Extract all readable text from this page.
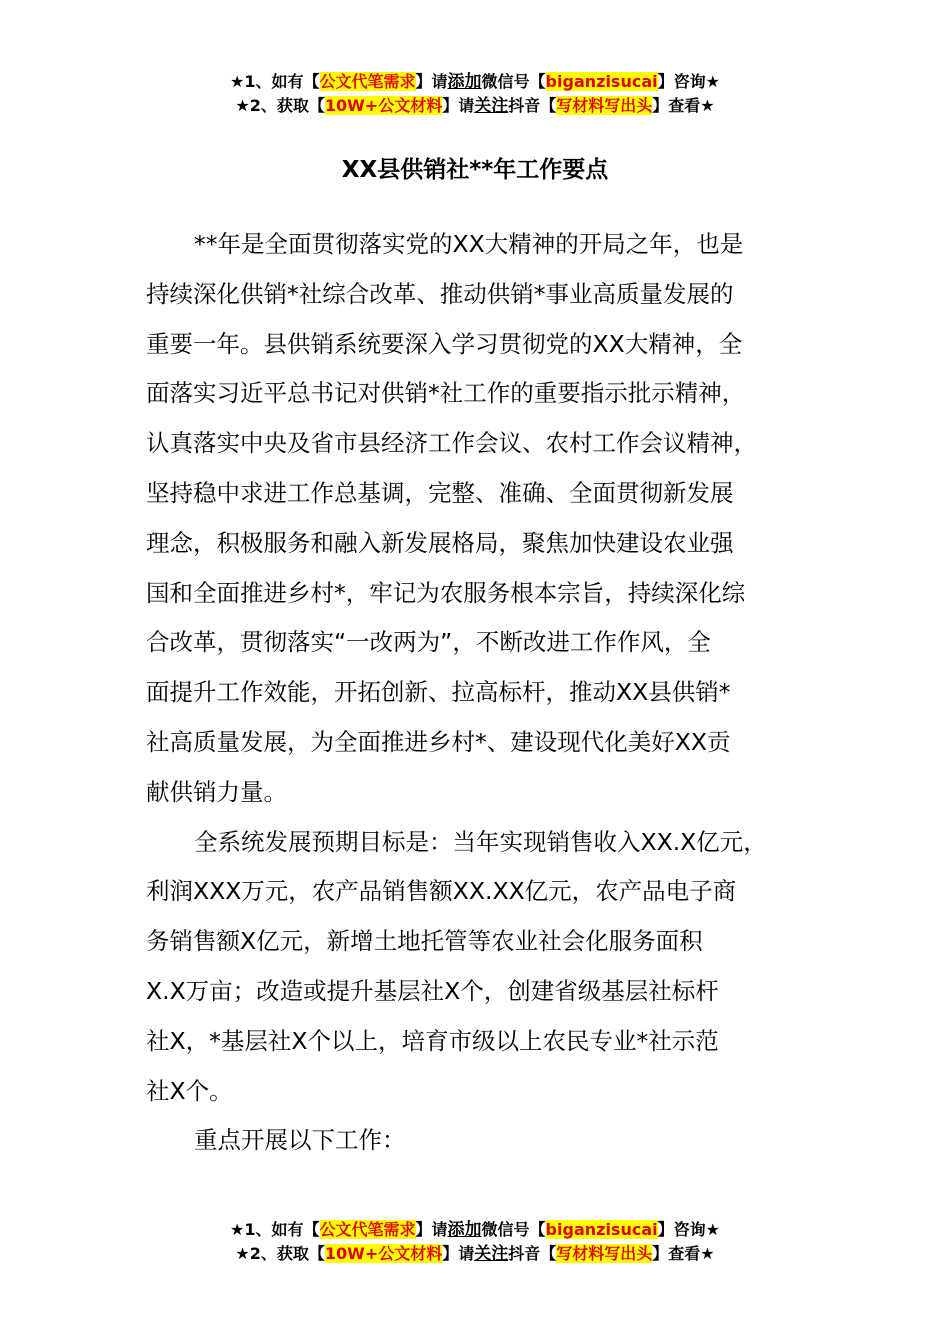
★1、如有【公文代笔需求】请添加微信号【biganzisucai】咨询★
★2、获取【10W+公文材料】请关注抖音【写材料写出头】查看★
XX县供销社**年工作要点
**年是全面贯彻落实党的XX大精神的开局之年，也是
持续深化供销*社综合改革、推动供销*事业高质量发展的
重要一年。县供销系统要深入学习贯彻党的XX大精神，全
面落实习近平总书记对供销*社工作的重要指示批示精神，
认真落实中央及省市县经济工作会议、农村工作会议精神，
坚持稳中求进工作总基调，完整、准确、全面贯彻新发展
理念，积极服务和融入新发展格局，聚焦加快建设农业强
国和全面推进乡村*，牢记为农服务根本宗旨，持续深化综
合改革，贯彻落实“一改两为”，不断改进工作作风，全
面提升工作效能，开拓创新、拉高标杆，推动XX县供销*
社高质量发展，为全面推进乡村*、建设现代化美好XX贡
献供销力量。
全系统发展预期目标是：当年实现销售收入XX.X亿元，
利润XXX万元，农产品销售额XX.XX亿元，农产品电子商
务销售额X亿元，新增土地托管等农业社会化服务面积
X.X万亩；改造或提升基层社X个，创建省级基层社标杆
社X，*基层社X个以上，培育市级以上农民专业*社示范
社X个。
重点开展以下工作：
★1、如有【公文代笔需求】请添加微信号【biganzisucai】咨询★
★2、获取【10W+公文材料】请关注抖音【写材料写出头】查看★
